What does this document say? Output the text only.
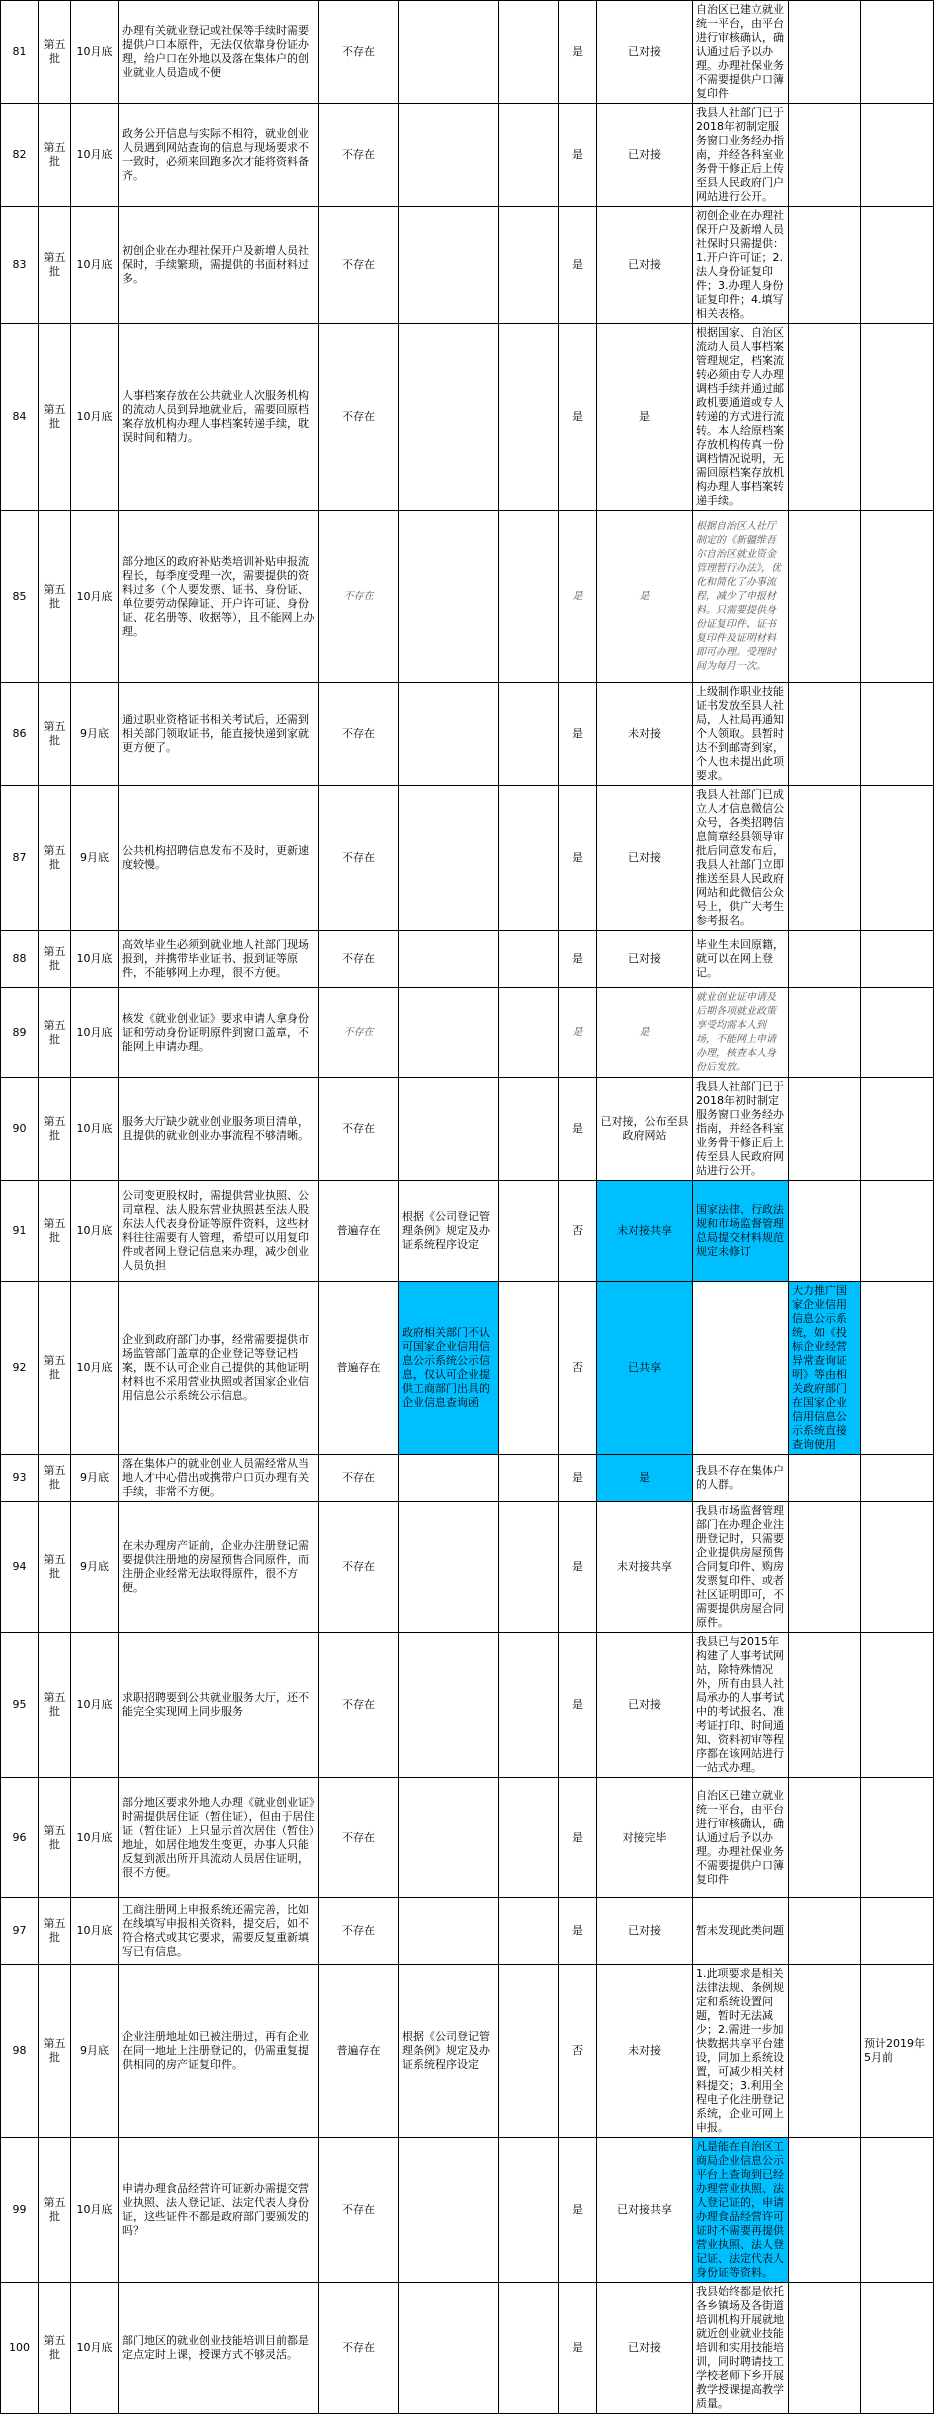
81	第五批	10月底	办理有关就业登记或社保等手续时需要提供户口本原件，无法仅依靠身份证办理，给户口在外地以及落在集体户的创业就业人员造成不便	不存在			是	已对接	自治区已建立就业统一平台，由平台进行审核确认，确认通过后予以办理。办理社保业务不需要提供户口簿复印件		
82	第五批	10月底	政务公开信息与实际不相符，就业创业人员遇到网站查询的信息与现场要求不一致时，必须来回跑多次才能将资料备齐。	不存在			是	已对接	我县人社部门已于2018年初制定服务窗口业务经办指南，并经各科室业务骨干修正后上传至县人民政府门户网站进行公开。		
83	第五批	10月底	初创企业在办理社保开户及新增人员社保时，手续繁琐，需提供的书面材料过多。	不存在			是	已对接	初创企业在办理社保开户及新增人员社保时只需提供：1.开户许可证；2.法人身份证复印件；3.办理人身份证复印件；4.填写相关表格。		
84	第五批	10月底	人事档案存放在公共就业人次服务机构的流动人员到异地就业后，需要回原档案存放机构办理人事档案转递手续，耽误时间和精力。	不存在			是	是	根据国家、自治区流动人员人事档案管理规定，档案流转必须由专人办理调档手续并通过邮政机要通道或专人转递的方式进行流转。本人给原档案存放机构传真一份调档情况说明，无需回原档案存放机构办理人事档案转递手续。		
85	第五批	10月底	部分地区的政府补贴类培训补贴申报流程长，每季度受理一次，需要提供的资料过多（个人要发票、证书、身份证、单位要劳动保障证、开户许可证、身份证、花名册等、收据等），且不能网上办理。	不存在			是	是	根据自治区人社厅制定的《新疆维吾尔自治区就业资金管理暂行办法》，优化和简化了办事流程，减少了申报材料。只需要提供身份证复印件、证书复印件及证明材料即可办理。受理时间为每月一次。		
86	第五批	9月底	通过职业资格证书相关考试后，还需到相关部门领取证书，能直接快递到家就更方便了。	不存在			是	未对接	上级制作职业技能证书发放至县人社局，人社局再通知个人领取。县暂时达不到邮寄到家，个人也未提出此项要求。		
87	第五批	9月底	公共机构招聘信息发布不及时，更新速度较慢。	不存在			是	已对接	我县人社部门已成立人才信息微信公众号，各类招聘信息简章经县领导审批后同意发布后，我县人社部门立即推送至县人民政府网站和此微信公众号上，供广大考生参考报名。		
88	第五批	10月底	高效毕业生必须到就业地人社部门现场报到，并携带毕业证书、报到证等原件，不能够网上办理，很不方便。	不存在			是	已对接	毕业生未回原籍，就可以在网上登记。		
89	第五批	10月底	核发《就业创业证》要求申请人拿身份证和劳动身份证明原件到窗口盖章，不能网上申请办理。	不存在			是	是	就业创业证申请及后期各项就业政策享受均需本人到场，不能网上申请办理，核查本人身份后发放。		
90	第五批	10月底	服务大厅缺少就业创业服务项目清单，且提供的就业创业办事流程不够清晰。	不存在			是	已对接，公布至县政府网站	我县人社部门已于2018年初时制定服务窗口业务经办指南，并经各科室业务骨干修正后上传至县人民政府网站进行公开。		
91	第五批	10月底	公司变更股权时，需提供营业执照、公司章程、法人股东营业执照甚至法人股东法人代表身份证等原件资料，这些材料往往需要有人管理，希望可以用复印件或者网上登记信息来办理，减少创业人员负担	普遍存在	根据《公司登记管理条例》规定及办证系统程序设定		否	未对接共享	国家法律、行政法规和市场监督管理总局提交材料规范规定未修订		
92	第五批	10月底	企业到政府部门办事，经常需要提供市场监管部门盖章的企业登记等登记档案，既不认可企业自己提供的其他证明材料也不采用营业执照或者国家企业信用信息公示系统公示信息。	普遍存在	政府相关部门不认可国家企业信用信息公示系统公示信息，仅认可企业提供工商部门出具的企业信息查询函		否	已共享		大力推广国家企业信用信息公示系统，如《投标企业经营异常查询证明》等由相关政府部门在国家企业信用信息公示系统直接查询使用	
93	第五批	9月底	落在集体户的就业创业人员需经常从当地人才中心借出或携带户口页办理有关手续，非常不方便。	不存在			是	是	我县不存在集体户的人群。		
94	第五批	9月底	在未办理房产证前，企业办注册登记需要提供注册地的房屋预售合同原件，而注册企业经常无法取得原件，很不方便。	不存在			是	未对接共享	我县市场监督管理部门在办理企业注册登记时，只需要企业提供房屋预售合同复印件、购房发票复印件、或者社区证明即可，不需要提供房屋合同原件。		
95	第五批	10月底	求职招聘要到公共就业服务大厅，还不能完全实现网上同步服务	不存在			是	已对接	我县已与2015年构建了人事考试网站，除特殊情况外，所有由县人社局承办的人事考试中的考试报名、准考证打印、时间通知、资料初审等程序都在该网站进行一站式办理。		
96	第五批	10月底	部分地区要求外地人办理《就业创业证》时需提供居住证（暂住证），但由于居住证（暂住证）上只显示首次居住（暂住）地址，如居住地发生变更，办事人只能反复到派出所开具流动人员居住证明，很不方便。	不存在			是	对接完毕	自治区已建立就业统一平台，由平台进行审核确认，确认通过后予以办理。办理社保业务不需要提供户口簿复印件		
97	第五批	10月底	工商注册网上申报系统还需完善，比如在线填写申报相关资料，提交后，如不符合格式或其它要求，需要反复重新填写已有信息。	不存在			是	已对接	暂未发现此类问题		
98	第五批	9月底	企业注册地址如已被注册过，再有企业在同一地址上注册登记的，仍需重复提供相同的房产证复印件。	普遍存在	根据《公司登记管理条例》规定及办证系统程序设定		否	未对接	1.此项要求是相关法律法规、条例规定和系统设置问题，暂时无法减少；2.需进一步加快数据共享平台建设，同加上系统设置，可减少相关材料提交；3.利用全程电子化注册登记系统，企业可网上申报。		预计2019年5月前
99	第五批	10月底	申请办理食品经营许可证新办需提交营业执照、法人登记证、法定代表人身份证，这些证件不都是政府部门要颁发的吗？	不存在			是	已对接共享	凡是能在自治区工商局企业信息公示平台上查询到已经办理营业执照、法人登记证的，申请办理食品经营许可证时不需要再提供营业执照、法人登记证、法定代表人身份证等资料。		
100	第五批	10月底	部门地区的就业创业技能培训目前都是定点定时上课，授课方式不够灵活。	不存在			是	已对接	我县始终都是依托各乡镇场及各街道培训机构开展就地就近创业就业技能培训和实用技能培训，同时聘请技工学校老师下乡开展教学授课提高教学质量。		
